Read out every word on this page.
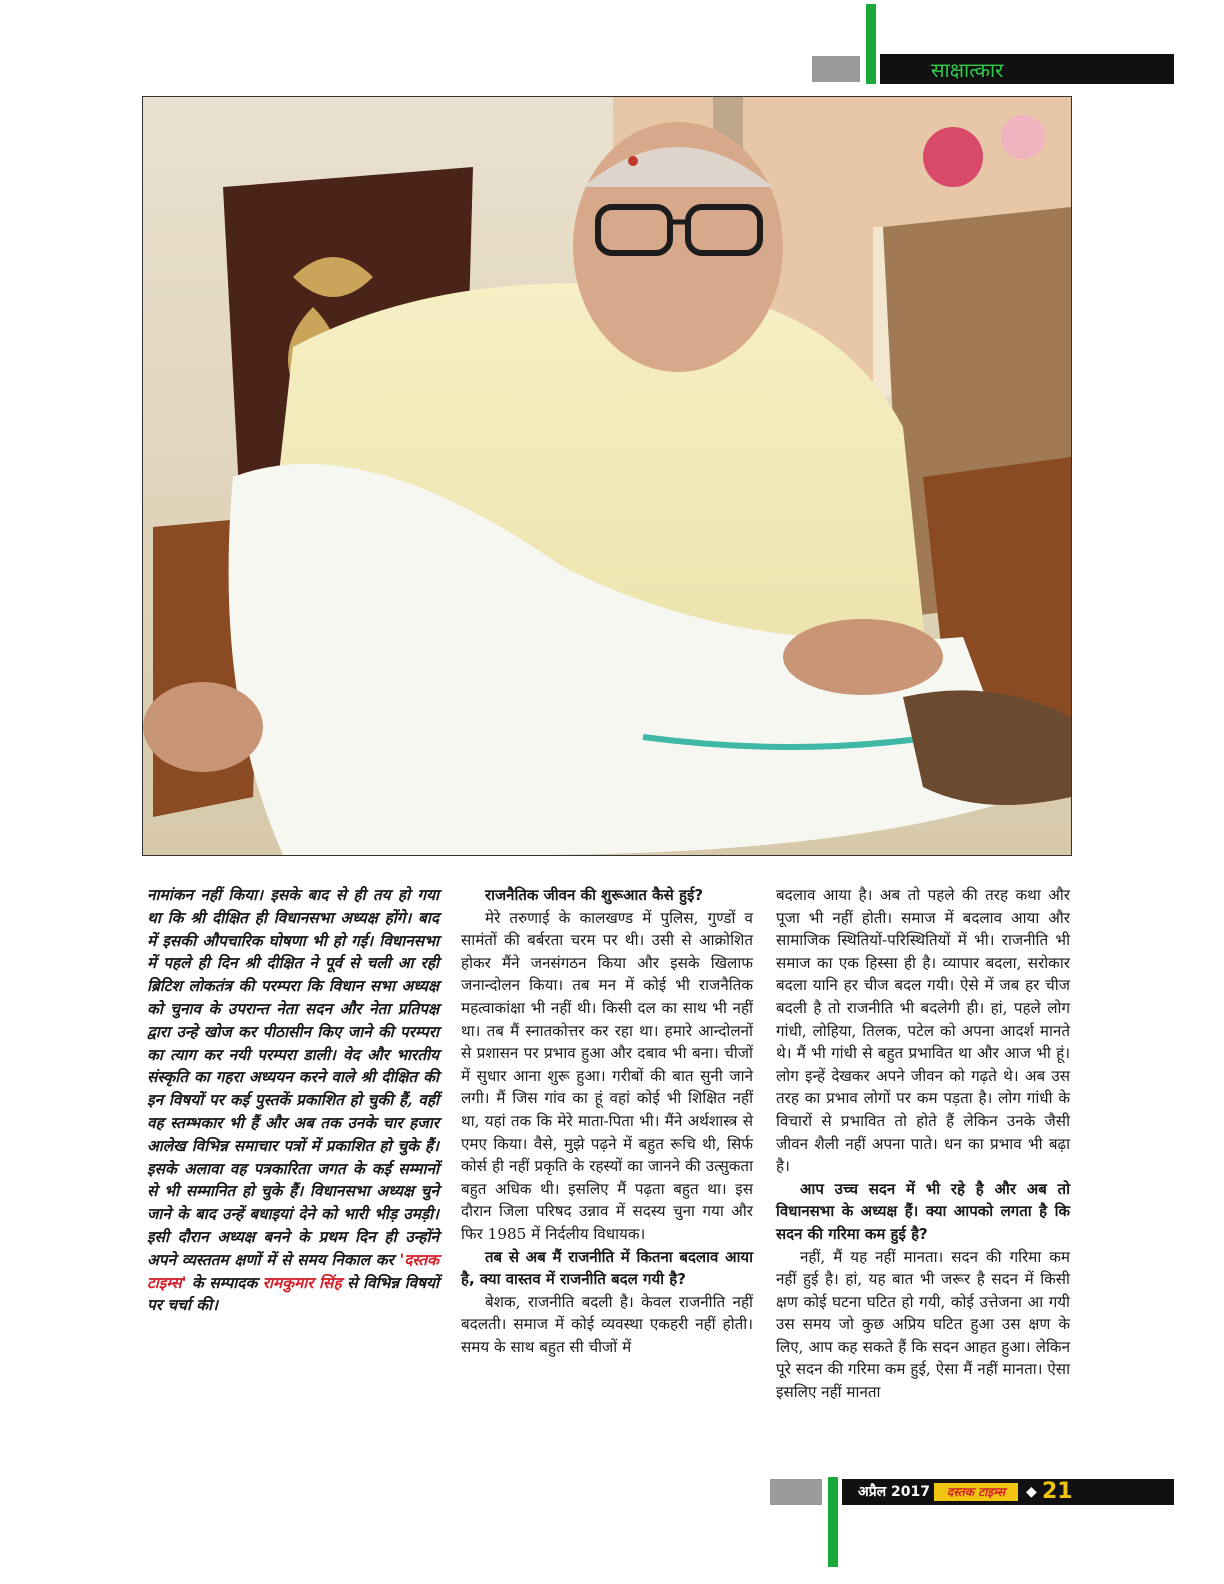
साक्षात्कार

नामांकन नहीं किया। इसके बाद से ही तय हो गया था कि श्री दीक्षित ही विधानसभा अध्यक्ष होंगे। बाद में इसकी औपचारिक घोषणा भी हो गई। विधानसभा में पहले ही दिन श्री दीक्षित ने पूर्व से चली आ रही ब्रिटिश लोकतंत्र की परम्परा कि विधान सभा अध्यक्ष को चुनाव के उपरान्त नेता सदन और नेता प्रतिपक्ष द्वारा उन्हे खोज कर पीठासीन किए जाने की परम्परा का त्याग कर नयी परम्परा डाली। वेद और भारतीय संस्कृति का गहरा अध्ययन करने वाले श्री दीक्षित की इन विषयों पर कई पुस्तकें प्रकाशित हो चुकी हैं, वहीं वह स्तम्भकार भी हैं और अब तक उनके चार हजार आलेख विभिन्न समाचार पत्रों में प्रकाशित हो चुके हैं। इसके अलावा वह पत्रकारिता जगत के कई सम्मानों से भी सम्मानित हो चुके हैं। विधानसभा अध्यक्ष चुने जाने के बाद उन्हें बधाइयां देने को भारी भीड़ उमड़ी। इसी दौरान अध्यक्ष बनने के प्रथम दिन ही उन्होंने अपने व्यस्ततम क्षणों में से समय निकाल कर 'दस्तक टाइम्स' के सम्पादक रामकुमार सिंह से विभिन्न विषयों पर चर्चा की।

राजनैतिक जीवन की शुरूआत कैसे हुई?

मेरे तरुणाई के कालखण्ड में पुलिस, गुण्डों व सामंतों की बर्बरता चरम पर थी। उसी से आक्रोशित होकर मैंने जनसंगठन किया और इसके खिलाफ जनान्दोलन किया। तब मन में कोई भी राजनैतिक महत्वाकांक्षा भी नहीं थी। किसी दल का साथ भी नहीं था। तब मैं स्नातकोत्तर कर रहा था। हमारे आन्दोलनों से प्रशासन पर प्रभाव हुआ और दबाव भी बना। चीजों में सुधार आना शुरू हुआ। गरीबों की बात सुनी जाने लगी। मैं जिस गांव का हूं वहां कोई भी शिक्षित नहीं था, यहां तक कि मेरे माता-पिता भी। मैंने अर्थशास्त्र से एमए किया। वैसे, मुझे पढ़ने में बहुत रूचि थी, सिर्फ कोर्स ही नहीं प्रकृति के रहस्यों का जानने की उत्सुकता बहुत अधिक थी। इसलिए मैं पढ़ता बहुत था। इस दौरान जिला परिषद उन्नाव में सदस्य चुना गया और फिर 1985 में निर्दलीय विधायक।

तब से अब मैं राजनीति में कितना बदलाव आया है, क्या वास्तव में राजनीति बदल गयी है?

बेशक, राजनीति बदली है। केवल राजनीति नहीं बदलती। समाज में कोई व्यवस्था एकहरी नहीं होती। समय के साथ बहुत सी चीजों में

बदलाव आया है। अब तो पहले की तरह कथा और पूजा भी नहीं होती। समाज में बदलाव आया और सामाजिक स्थितियों-परिस्थितियों में भी। राजनीति भी समाज का एक हिस्सा ही है। व्यापार बदला, सरोकार बदला यानि हर चीज बदल गयी। ऐसे में जब हर चीज बदली है तो राजनीति भी बदलेगी ही। हां, पहले लोग गांधी, लोहिया, तिलक, पटेल को अपना आदर्श मानते थे। मैं भी गांधी से बहुत प्रभावित था और आज भी हूं। लोग इन्हें देखकर अपने जीवन को गढ़ते थे। अब उस तरह का प्रभाव लोगों पर कम पड़ता है। लोग गांधी के विचारों से प्रभावित तो होते हैं लेकिन उनके जैसी जीवन शैली नहीं अपना पाते। धन का प्रभाव भी बढ़ा है।

आप उच्च सदन में भी रहे है और अब तो विधानसभा के अध्यक्ष हैं। क्या आपको लगता है कि सदन की गरिमा कम हुई है?

नहीं, मैं यह नहीं मानता। सदन की गरिमा कम नहीं हुई है। हां, यह बात भी जरूर है सदन में किसी क्षण कोई घटना घटित हो गयी, कोई उत्तेजना आ गयी उस समय जो कुछ अप्रिय घटित हुआ उस क्षण के लिए, आप कह सकते हैं कि सदन आहत हुआ। लेकिन पूरे सदन की गरिमा कम हुई, ऐसा मैं नहीं मानता। ऐसा इसलिए नहीं मानता

अप्रैल 2017	दस्तक टाइम्स	◆ 21
